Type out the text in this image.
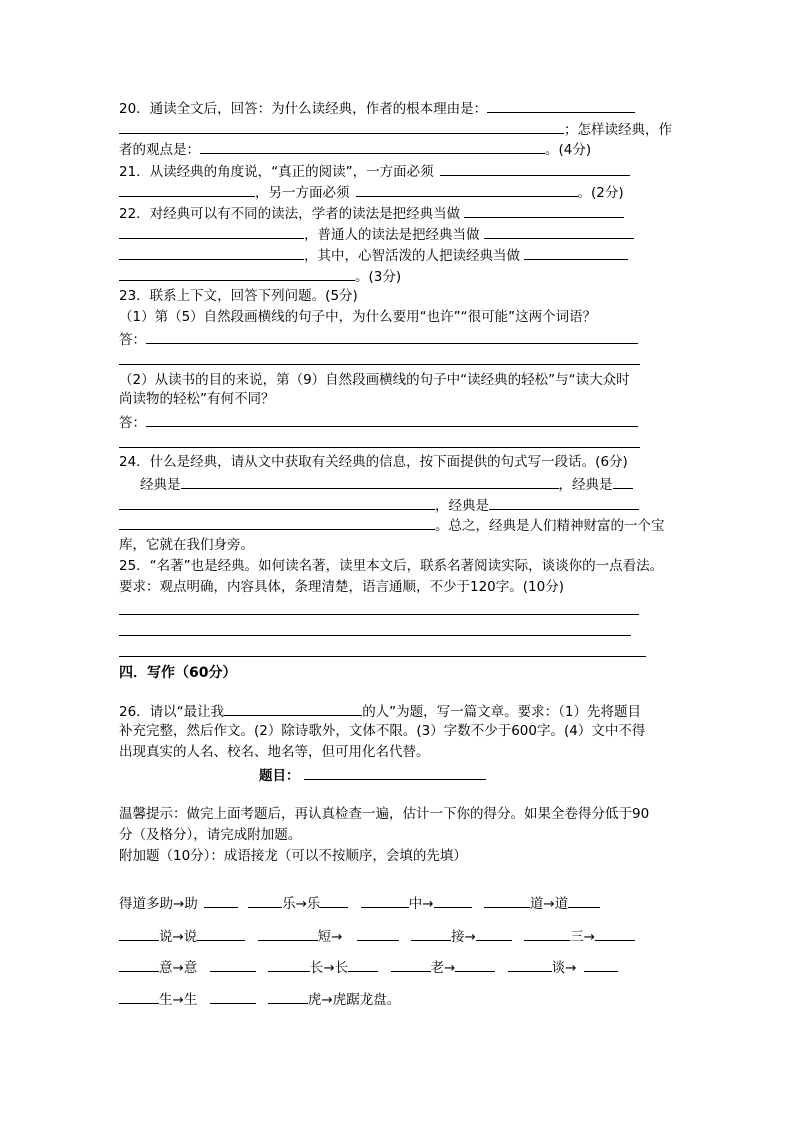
20．通读全文后，回答：为什么读经典，作者的根本理由是：
；怎样读经典，作
者的观点是：	。(4分)
21．从读经典的角度说，“真正的阅读”，一方面必须
，另一方面必须	。(2分)
22．对经典可以有不同的读法，学者的读法是把经典当做
，普通人的读法是把经典当做
，其中，心智活泼的人把读经典当做
。(3分)
23．联系上下文，回答下列问题。(5分)
（1）第（5）自然段画横线的句子中，为什么要用“也许”“很可能”这两个词语？
答：
（2）从读书的目的来说，第（9）自然段画横线的句子中“读经典的轻松”与“读大众时
尚读物的轻松”有何不同？
答：
24．什么是经典，请从文中获取有关经典的信息，按下面提供的句式写一段话。(6分)
经典是	，经典是
，经典是
。总之，经典是人们精神财富的一个宝
库，它就在我们身旁。
25．“名著”也是经典。如何读名著，读里本文后，联系名著阅读实际，谈谈你的一点看法。
要求：观点明确，内容具体，条理清楚，语言通顺，不少于120字。(10分)
四．写作（60分）
26．请以“最让我	的人”为题，写一篇文章。要求：（1）先将题目
补充完整，然后作文。(2）除诗歌外，文体不限。(3）字数不少于600字。(4）文中不得
出现真实的人名、校名、地名等，但可用化名代替。
题目：
温馨提示：做完上面考题后，再认真检查一遍，估计一下你的得分。如果全卷得分低于90
分（及格分），请完成附加题。
附加题（10分）：成语接龙（可以不按顺序，会填的先填）
得道多助→助	乐→乐	中→	道→道
说→说	短→	接→	三→
意→意	长→长	老→	谈→
生→生	虎→虎踞龙盘。
